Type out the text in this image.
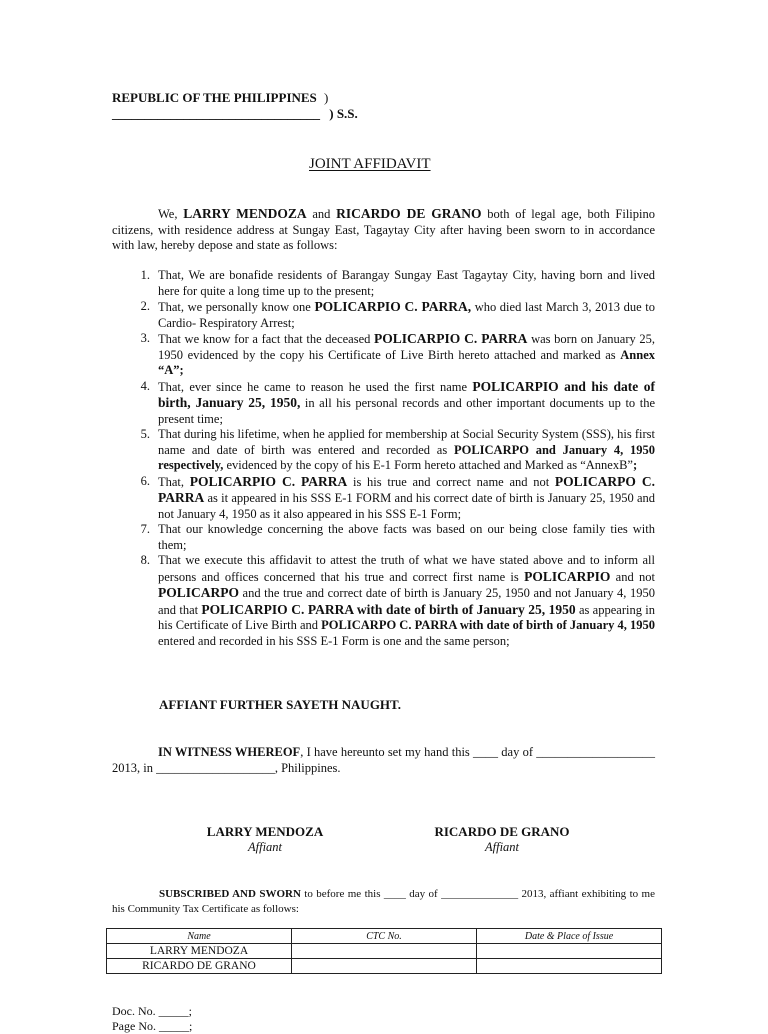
REPUBLIC OF THE PHILIPPINES )
________________________________ ) S.S.
JOINT AFFIDAVIT
We, LARRY MENDOZA and RICARDO DE GRANO both of legal age, both Filipino citizens, with residence address at Sungay East, Tagaytay City after having been sworn to in accordance with law, hereby depose and state as follows:
1. That, We are bonafide residents of Barangay Sungay East Tagaytay City, having born and lived here for quite a long time up to the present;
2. That, we personally know one POLICARPIO C. PARRA, who died last March 3, 2013 due to Cardio- Respiratory Arrest;
3. That we know for a fact that the deceased POLICARPIO C. PARRA was born on January 25, 1950 evidenced by the copy his Certificate of Live Birth hereto attached and marked as Annex “A”;
4. That, ever since he came to reason he used the first name POLICARPIO and his date of birth, January 25, 1950, in all his personal records and other important documents up to the present time;
5. That during his lifetime, when he applied for membership at Social Security System (SSS), his first name and date of birth was entered and recorded as POLICARPO and January 4, 1950 respectively, evidenced by the copy of his E-1 Form hereto attached and Marked as “AnnexB”;
6. That, POLICARPIO C. PARRA is his true and correct name and not POLICARPO C. PARRA as it appeared in his SSS E-1 FORM and his correct date of birth is January 25, 1950 and not January 4, 1950 as it also appeared in his SSS E-1 Form;
7. That our knowledge concerning the above facts was based on our being close family ties with them;
8. That we execute this affidavit to attest the truth of what we have stated above and to inform all persons and offices concerned that his true and correct first name is POLICARPIO and not POLICARPO and the true and correct date of birth is January 25, 1950 and not January 4, 1950 and that POLICARPIO C. PARRA with date of birth of January 25, 1950 as appearing in his Certificate of Live Birth and POLICARPO C. PARRA with date of birth of January 4, 1950 entered and recorded in his SSS E-1 Form is one and the same person;
AFFIANT FURTHER SAYETH NAUGHT.
IN WITNESS WHEREOF, I have hereunto set my hand this ____ day of ___________________ 2013, in ___________________, Philippines.
LARRY MENDOZA
Affiant
RICARDO DE GRANO
Affiant
SUBSCRIBED AND SWORN to before me this ____ day of ______________ 2013, affiant exhibiting to me his Community Tax Certificate as follows:
Name	CTC No.	Date & Place of Issue
LARRY MENDOZA		
RICARDO DE GRANO		
Doc. No. _____;
Page No. _____;
